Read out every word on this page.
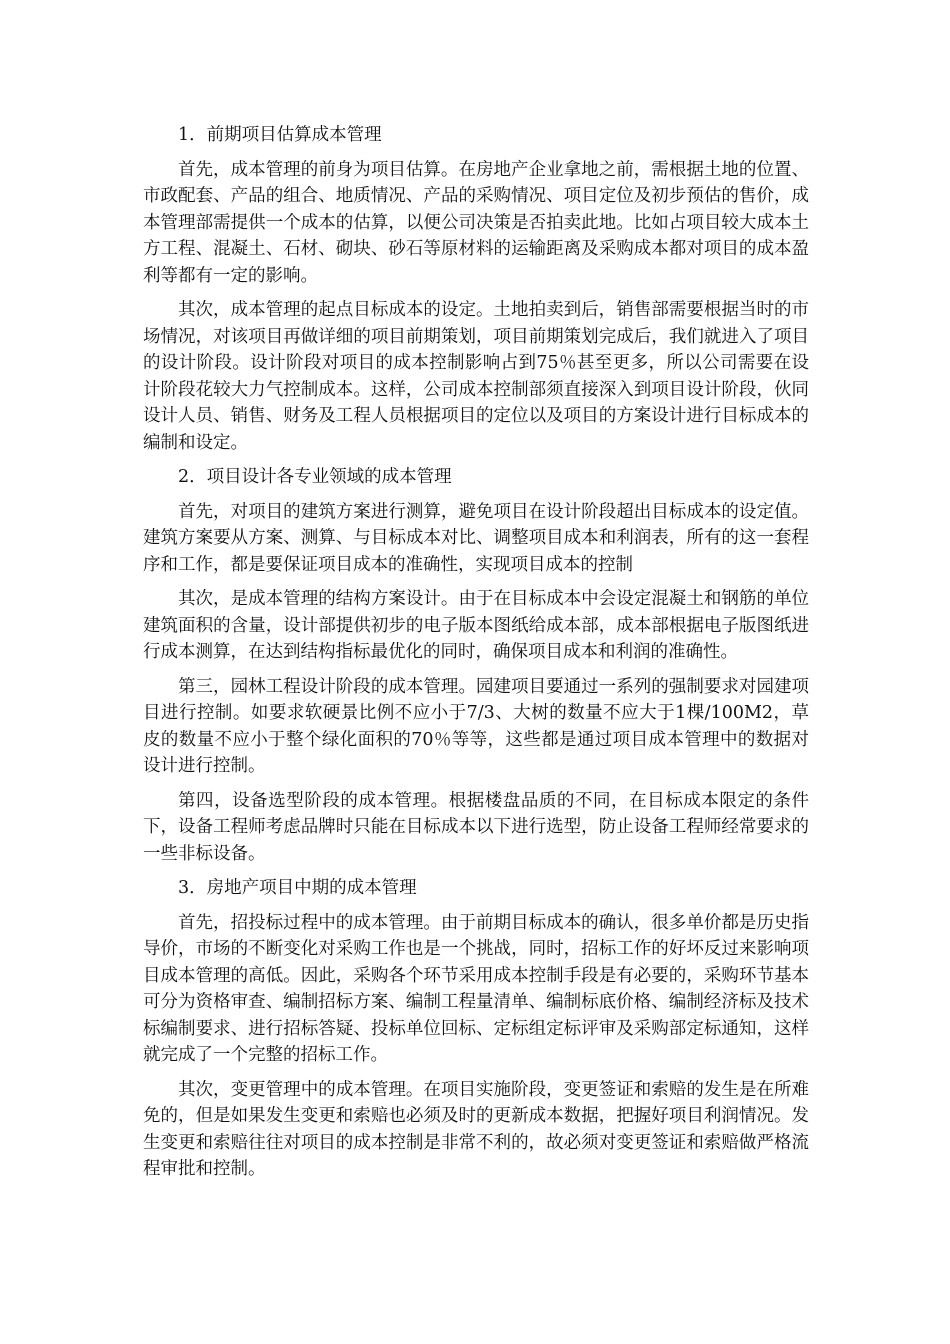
1．前期项目估算成本管理

首先，成本管理的前身为项目估算。在房地产企业拿地之前，需根据土地的位置、市政配套、产品的组合、地质情况、产品的采购情况、项目定位及初步预估的售价，成本管理部需提供一个成本的估算，以便公司决策是否拍卖此地。比如占项目较大成本土方工程、混凝土、石材、砌块、砂石等原材料的运输距离及采购成本都对项目的成本盈利等都有一定的影响。

其次，成本管理的起点目标成本的设定。土地拍卖到后，销售部需要根据当时的市场情况，对该项目再做详细的项目前期策划，项目前期策划完成后，我们就进入了项目的设计阶段。设计阶段对项目的成本控制影响占到75％甚至更多，所以公司需要在设计阶段花较大力气控制成本。这样，公司成本控制部须直接深入到项目设计阶段，伙同设计人员、销售、财务及工程人员根据项目的定位以及项目的方案设计进行目标成本的编制和设定。

2．项目设计各专业领域的成本管理

首先，对项目的建筑方案进行测算，避免项目在设计阶段超出目标成本的设定值。建筑方案要从方案、测算、与目标成本对比、调整项目成本和利润表，所有的这一套程序和工作，都是要保证项目成本的准确性，实现项目成本的控制

其次，是成本管理的结构方案设计。由于在目标成本中会设定混凝土和钢筋的单位建筑面积的含量，设计部提供初步的电子版本图纸给成本部，成本部根据电子版图纸进行成本测算，在达到结构指标最优化的同时，确保项目成本和利润的准确性。

第三，园林工程设计阶段的成本管理。园建项目要通过一系列的强制要求对园建项目进行控制。如要求软硬景比例不应小于7/3、大树的数量不应大于1棵/100M2，草皮的数量不应小于整个绿化面积的70％等等，这些都是通过项目成本管理中的数据对设计进行控制。

第四，设备选型阶段的成本管理。根据楼盘品质的不同，在目标成本限定的条件下，设备工程师考虑品牌时只能在目标成本以下进行选型，防止设备工程师经常要求的一些非标设备。

3．房地产项目中期的成本管理

首先，招投标过程中的成本管理。由于前期目标成本的确认，很多单价都是历史指导价，市场的不断变化对采购工作也是一个挑战，同时，招标工作的好坏反过来影响项目成本管理的高低。因此，采购各个环节采用成本控制手段是有必要的，采购环节基本可分为资格审查、编制招标方案、编制工程量清单、编制标底价格、编制经济标及技术标编制要求、进行招标答疑、投标单位回标、定标组定标评审及采购部定标通知，这样就完成了一个完整的招标工作。

其次，变更管理中的成本管理。在项目实施阶段，变更签证和索赔的发生是在所难免的，但是如果发生变更和索赔也必须及时的更新成本数据，把握好项目利润情况。发生变更和索赔往往对项目的成本控制是非常不利的，故必须对变更签证和索赔做严格流程审批和控制。
